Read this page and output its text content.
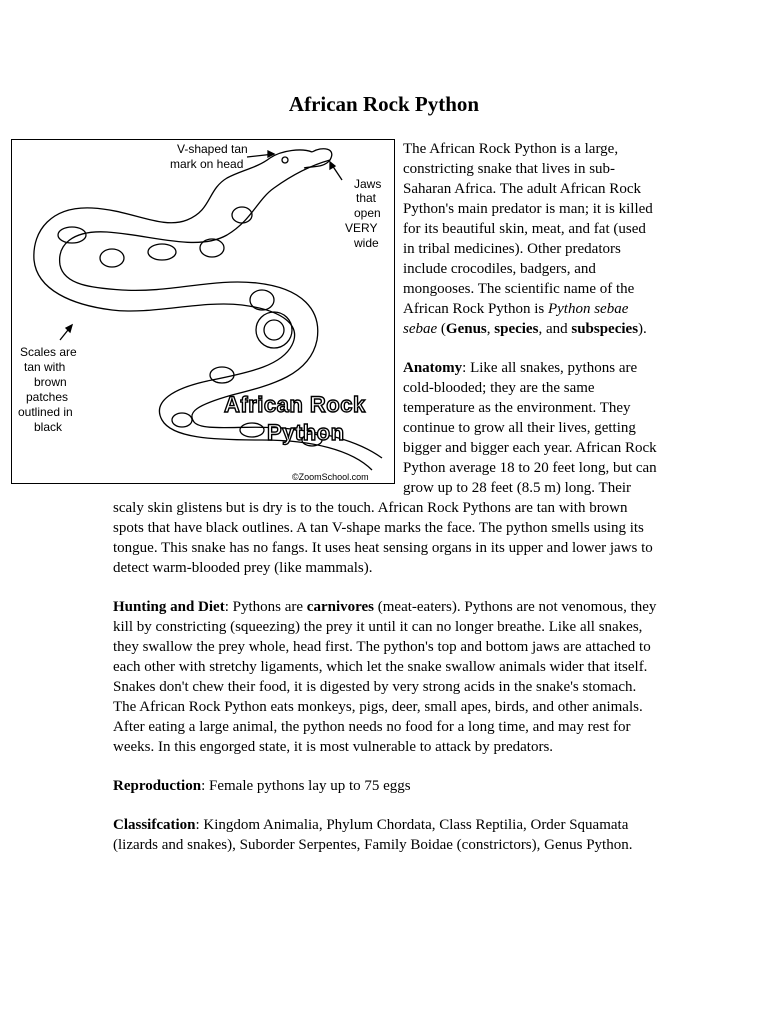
African Rock Python
V-shaped tan
mark on head
Jaws
that
open
VERY
wide
Scales are
tan with
brown
patches
outlined in
black
African Rock
Python
©ZoomSchool.com

The African Rock Python is a large, constricting snake that lives in sub-Saharan Africa. The adult African Rock Python's main predator is man; it is killed for its beautiful skin, meat, and fat (used in tribal medicines). Other predators include crocodiles, badgers, and mongooses. The scientific name of the African Rock Python is Python sebae sebae (Genus, species, and subspecies).

Anatomy: Like all snakes, pythons are cold-blooded; they are the same temperature as the environment. They continue to grow all their lives, getting bigger and bigger each year. African Rock Python average 18 to 20 feet long, but can grow up to 28 feet (8.5 m) long. Their scaly skin glistens but is dry is to the touch. African Rock Pythons are tan with brown spots that have black outlines. A tan V-shape marks the face. The python smells using its tongue. This snake has no fangs. It uses heat sensing organs in its upper and lower jaws to detect warm-blooded prey (like mammals).

Hunting and Diet: Pythons are carnivores (meat-eaters). Pythons are not venomous, they kill by constricting (squeezing) the prey it until it can no longer breathe. Like all snakes, they swallow the prey whole, head first. The python's top and bottom jaws are attached to each other with stretchy ligaments, which let the snake swallow animals wider that itself. Snakes don't chew their food, it is digested by very strong acids in the snake's stomach. The African Rock Python eats monkeys, pigs, deer, small apes, birds, and other animals. After eating a large animal, the python needs no food for a long time, and may rest for weeks. In this engorged state, it is most vulnerable to attack by predators.

Reproduction: Female pythons lay up to 75 eggs

Classifcation: Kingdom Animalia, Phylum Chordata, Class Reptilia, Order Squamata (lizards and snakes), Suborder Serpentes, Family Boidae (constrictors), Genus Python.
